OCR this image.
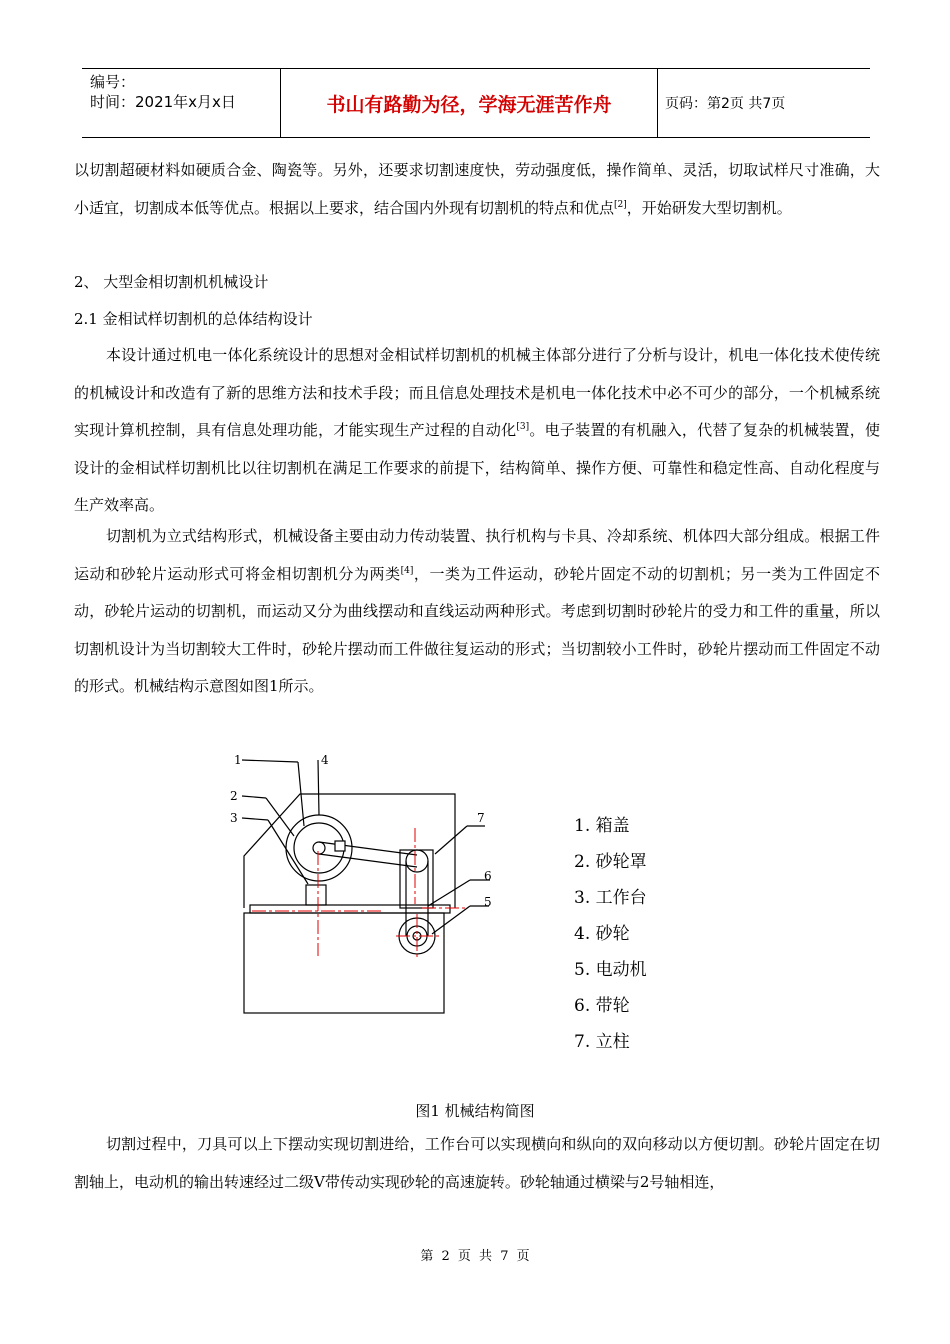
编号：
时间：2021年x月x日	书山有路勤为径，学海无涯苦作舟	页码：第2页 共7页

以切割超硬材料如硬质合金、陶瓷等。另外，还要求切割速度快，劳动强度低，操作简单、灵活，切取试样尺寸准确，大小适宜，切割成本低等优点。根据以上要求，结合国内外现有切割机的特点和优点[2]，开始研发大型切割机。

2、 大型金相切割机机械设计

2.1 金相试样切割机的总体结构设计

本设计通过机电一体化系统设计的思想对金相试样切割机的机械主体部分进行了分析与设计，机电一体化技术使传统的机械设计和改造有了新的思维方法和技术手段；而且信息处理技术是机电一体化技术中必不可少的部分，一个机械系统实现计算机控制，具有信息处理功能，才能实现生产过程的自动化[3]。电子装置的有机融入，代替了复杂的机械装置，使设计的金相试样切割机比以往切割机在满足工作要求的前提下，结构简单、操作方便、可靠性和稳定性高、自动化程度与生产效率高。

切割机为立式结构形式，机械设备主要由动力传动装置、执行机构与卡具、冷却系统、机体四大部分组成。根据工件运动和砂轮片运动形式可将金相切割机分为两类[4]，一类为工件运动，砂轮片固定不动的切割机；另一类为工件固定不动，砂轮片运动的切割机，而运动又分为曲线摆动和直线运动两种形式。考虑到切割时砂轮片的受力和工件的重量，所以切割机设计为当切割较大工件时，砂轮片摆动而工件做往复运动的形式；当切割较小工件时，砂轮片摆动而工件固定不动的形式。机械结构示意图如图1所示。

1	4
2
3	7
6
5
1. 箱盖
2. 砂轮罩
3. 工作台
4. 砂轮
5. 电动机
6. 带轮
7. 立柱
图1 机械结构简图

切割过程中，刀具可以上下摆动实现切割进给，工作台可以实现横向和纵向的双向移动以方便切割。砂轮片固定在切割轴上，电动机的输出转速经过二级V带传动实现砂轮的高速旋转。砂轮轴通过横梁与2号轴相连，

第 2 页 共 7 页
